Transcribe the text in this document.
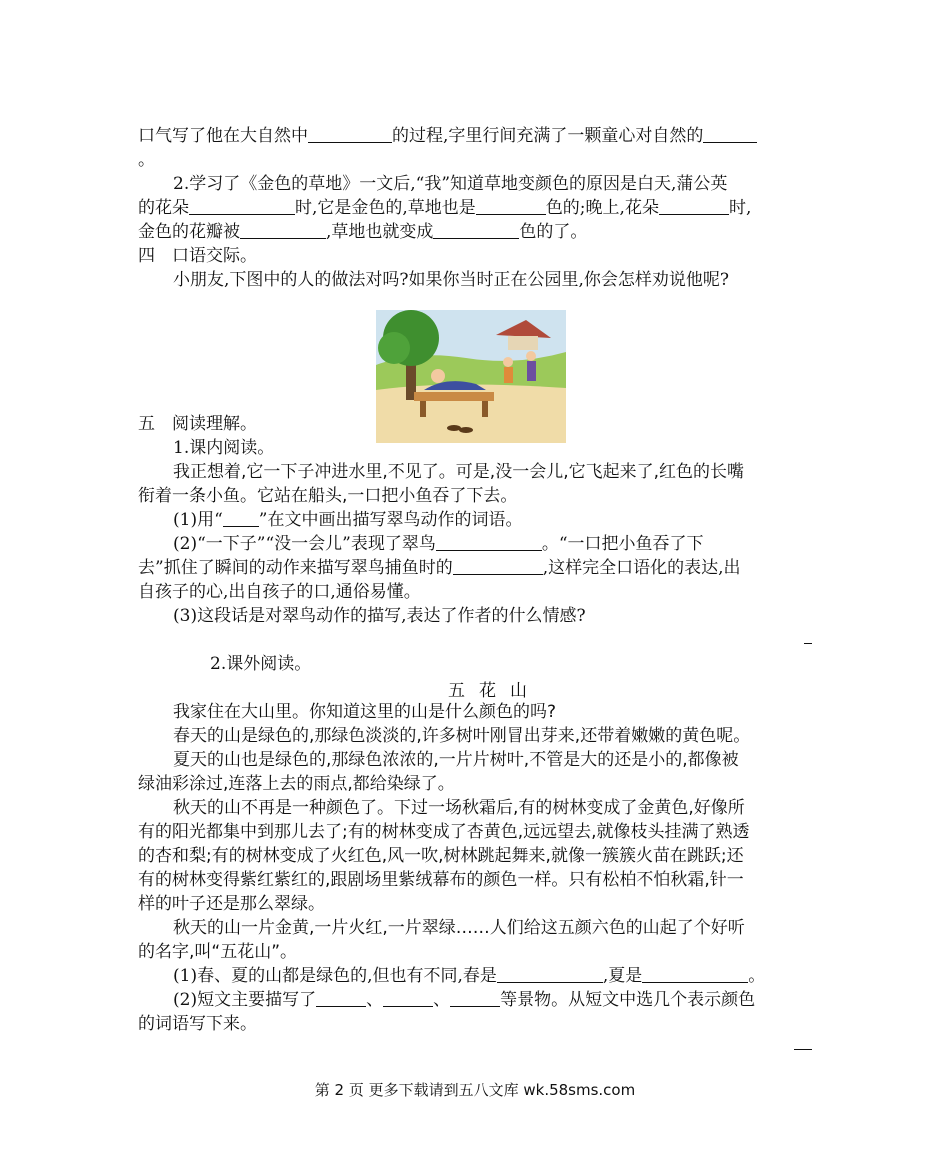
口气写了他在大自然中	的过程,字里行间充满了一颗童心对自然的
。
2.学习了《金色的草地》一文后,“我”知道草地变颜色的原因是白天,蒲公英
的花朵	时,它是金色的,草地也是	色的;晚上,花朵	时,
金色的花瓣被	,草地也就变成	色的了。
四　口语交际。
小朋友,下图中的人的做法对吗?如果你当时正在公园里,你会怎样劝说他呢?
五　阅读理解。
1.课内阅读。
我正想着,它一下子冲进水里,不见了。可是,没一会儿,它飞起来了,红色的长嘴
衔着一条小鱼。它站在船头,一口把小鱼吞了下去。
(1)用“ ”在文中画出描写翠鸟动作的词语。
(2)“一下子”“没一会儿”表现了翠鸟	。“一口把小鱼吞了下
去”抓住了瞬间的动作来描写翠鸟捕鱼时的	,这样完全口语化的表达,出
自孩子的心,出自孩子的口,通俗易懂。
(3)这段话是对翠鸟动作的描写,表达了作者的什么情感?
2.课外阅读。
五花山
我家住在大山里。你知道这里的山是什么颜色的吗?
春天的山是绿色的,那绿色淡淡的,许多树叶刚冒出芽来,还带着嫩嫩的黄色呢。
夏天的山也是绿色的,那绿色浓浓的,一片片树叶,不管是大的还是小的,都像被
绿油彩涂过,连落上去的雨点,都给染绿了。
秋天的山不再是一种颜色了。下过一场秋霜后,有的树林变成了金黄色,好像所
有的阳光都集中到那儿去了;有的树林变成了杏黄色,远远望去,就像枝头挂满了熟透
的杏和梨;有的树林变成了火红色,风一吹,树林跳起舞来,就像一簇簇火苗在跳跃;还
有的树林变得紫红紫红的,跟剧场里紫绒幕布的颜色一样。只有松柏不怕秋霜,针一
样的叶子还是那么翠绿。
秋天的山一片金黄,一片火红,一片翠绿……人们给这五颜六色的山起了个好听
的名字,叫“五花山”。
(1)春、夏的山都是绿色的,但也有不同,春是	,夏是	。
(2)短文主要描写了	、	、	等景物。从短文中选几个表示颜色
的词语写下来。
第 2 页 更多下载请到五八文库 wk.58sms.com
